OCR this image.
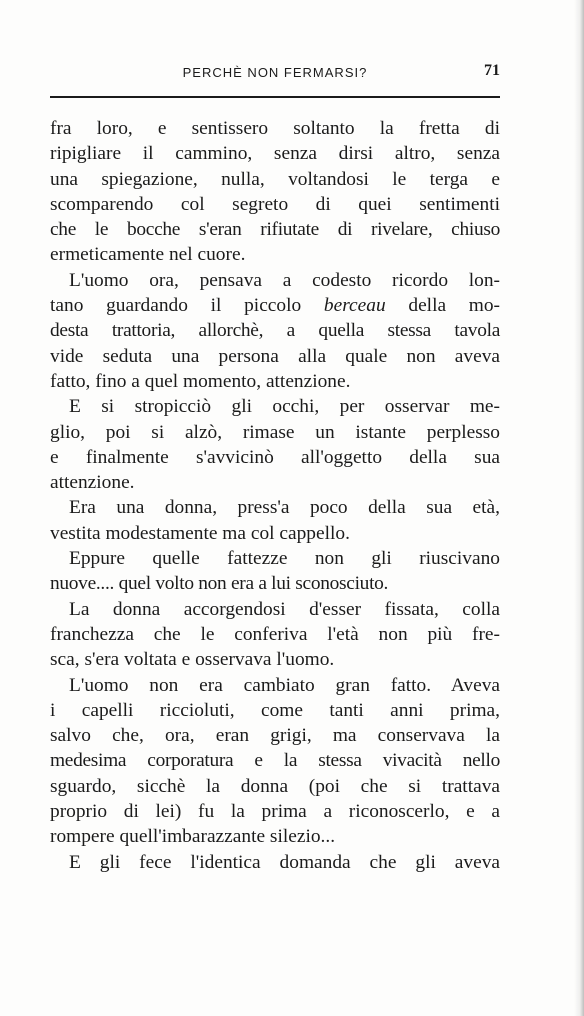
PERCHÈ NON FERMARSI?	71
fra loro, e sentissero soltanto la fretta di
ripigliare il cammino, senza dirsi altro, senza
una spiegazione, nulla, voltandosi le terga e
scomparendo col segreto di quei sentimenti
che le bocche s'eran rifiutate di rivelare, chiuso
ermeticamente nel cuore.
L'uomo ora, pensava a codesto ricordo lon-
tano guardando il piccolo berceau della mo-
desta trattoria, allorchè, a quella stessa tavola
vide seduta una persona alla quale non aveva
fatto, fino a quel momento, attenzione.
E si stropicciò gli occhi, per osservar me-
glio, poi si alzò, rimase un istante perplesso
e finalmente s'avvicinò all'oggetto della sua
attenzione.
Era una donna, press'a poco della sua età,
vestita modestamente ma col cappello.
Eppure quelle fattezze non gli riuscivano
nuove.... quel volto non era a lui sconosciuto.
La donna accorgendosi d'esser fissata, colla
franchezza che le conferiva l'età non più fre-
sca, s'era voltata e osservava l'uomo.
L'uomo non era cambiato gran fatto. Aveva
i capelli riccioluti, come tanti anni prima,
salvo che, ora, eran grigi, ma conservava la
medesima corporatura e la stessa vivacità nello
sguardo, sicchè la donna (poi che si trattava
proprio di lei) fu la prima a riconoscerlo, e a
rompere quell'imbarazzante silezio...
E gli fece l'identica domanda che gli aveva
